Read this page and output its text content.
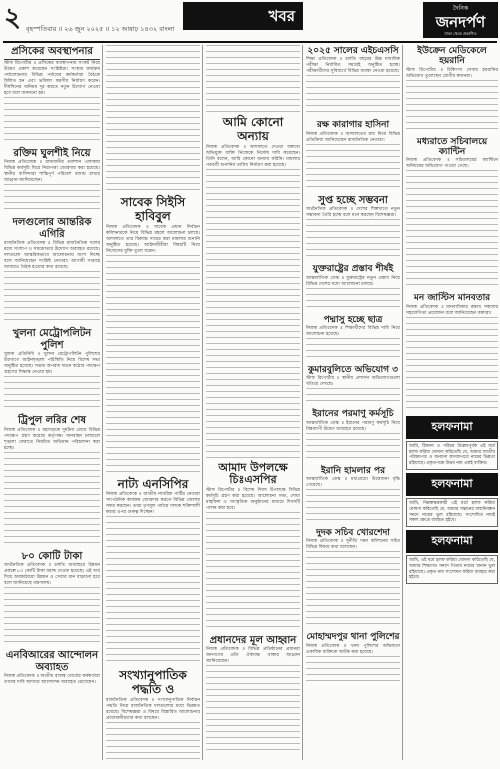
২ বৃহস্পতিবার ॥ ২৬ জুন ২০২৫ ॥ ১২ আষাঢ় ১৪৩২ বাংলা
খবর	দৈনিক
জনদর্পণ
ঢাকা থেকে প্রকাশিত
প্রসিকের অবস্থাপনার

স্টাফ রিপোর্টার ॥ প্রসিকের ব্যবস্থাপনায় সংকট নিয়ে উদ্বেগ প্রকাশ করেছেন সংশ্লিষ্টরা। সংস্থার কার্যক্রম পর্যালোচনায় বিভিন্ন পর্যায়ের কর্মকর্তারা বৈঠকে মিলিত হন এবং ভবিষ্যৎ করণীয় নির্ধারণ করেন। দীর্ঘদিনের অনিয়ম দূর করতে নতুন উদ্যোগ নেওয়া হবে বলে জানানো হয়।

রক্তিম ঘুলশীই নিয়ে

নিজস্ব প্রতিবেদক ॥ রাজধানীর গুলশান এলাকায় বিভিন্ন কর্মসূচি ঘিরে নিরাপত্তা জোরদার করা হয়েছে। স্থানীয় বাসিন্দারা শান্তিপূর্ণ পরিবেশ বজায় রাখার আহ্বান জানিয়েছেন।

দলগুলোর আন্তরিক এগিরি

রাজনৈতিক প্রতিবেদক ॥ বিভিন্ন রাজনৈতিক দলের মধ্যে সংলাপ ও সমঝোতার উদ্যোগ অব্যাহত রয়েছে। দলগুলো আন্তরিকভাবে আলোচনায় অংশ নিচ্ছে বলে জানিয়েছেন সংশ্লিষ্ট নেতারা। আগামী সপ্তাহে আবারও বৈঠক হওয়ার কথা রয়েছে।

খুলনা মেট্রোপলিটন পুলিশ

খুলনা প্রতিনিধি ॥ খুলনা মেট্রোপলিটন পুলিশের উদ্যোগে আইনশৃঙ্খলা পরিস্থিতি নিয়ে বিশেষ সভা অনুষ্ঠিত হয়েছে। সভায় অপরাধ দমনে কঠোর পদক্ষেপ গ্রহণের সিদ্ধান্ত নেওয়া হয়।

ট্রিপুল লরির শেষ

নিজস্ব প্রতিবেদক ॥ মহাসড়কে দুর্ঘটনা রোধে বিভিন্ন পদক্ষেপ গ্রহণ করেছে কর্তৃপক্ষ। যানবাহন চলাচলে শৃঙ্খলা ফেরাতে নিয়মিত অভিযান পরিচালনা করা হচ্ছে।

৮০ কোটি টাকা

অর্থনৈতিক প্রতিবেদক ॥ চলতি অর্থবছরে উন্নয়ন প্রকল্পে ৮০ কোটি টাকা বরাদ্দ দেওয়া হয়েছে। এই অর্থ দিয়ে অবকাঠামো উন্নয়ন ও সেবার মান বাড়ানো হবে বলে জানিয়েছে মন্ত্রণালয়।

এনবিআরের আন্দোলন অব্যাহত

নিজস্ব প্রতিবেদক ॥ জাতীয় রাজস্ব বোর্ডের কর্মকর্তারা তাদের দাবি আদায়ে আন্দোলন অব্যাহত রেখেছেন।

সাবেক সিইসি হাবিবুল

নিজস্ব প্রতিবেদক ॥ সাবেক প্রধান নির্বাচন কমিশনারকে নিয়ে বিভিন্ন মহলে আলোচনা চলছে। আদালতে তার বিরুদ্ধে দায়ের করা মামলার শুনানি অনুষ্ঠিত হয়েছে। আইনজীবীরা বিষয়টি নিয়ে নিজেদের যুক্তি তুলে ধরেন।

নাট্য এনসিপির

নিজস্ব প্রতিবেদক ॥ জাতীয় নাগরিক পার্টির নেতারা সাংগঠনিক কার্যক্রম জোরদার করতে বিভিন্ন জেলায় সফর করছেন। তারা তৃণমূল পর্যায়ে দলকে শক্তিশালী করার ওপর গুরুত্ব দিচ্ছেন।

সংখ্যানুপাতিক পদ্ধতি ও

রাজনৈতিক প্রতিবেদক ॥ সংখ্যানুপাতিক নির্বাচন পদ্ধতি নিয়ে রাজনৈতিক দলগুলোর মধ্যে ভিন্নমত রয়েছে। বিশেষজ্ঞরা এ বিষয়ে বিস্তারিত আলোচনার প্রয়োজনীয়তার কথা বলছেন।

আমি কোনো অন্যায়

নিজস্ব প্রতিবেদক ॥ আদালতে দেওয়া বক্তব্যে অভিযুক্ত ব্যক্তি নিজেকে নির্দোষ দাবি করেছেন। তিনি বলেন, আমি কোনো অন্যায় করিনি। মামলার পরবর্তী শুনানির তারিখ নির্ধারণ করা হয়েছে।

আমাদ উপলক্ষে চিঃএসপির

স্টাফ রিপোর্টার ॥ বিশেষ দিবস উপলক্ষে বিভিন্ন কর্মসূচি গ্রহণ করা হয়েছে। আলোচনা সভা, দোয়া মাহফিল ও সাংস্কৃতিক অনুষ্ঠানের মাধ্যমে দিবসটি পালন করা হবে।

প্রধানদের মূল আহ্বান

নিজস্ব প্রতিবেদক ॥ বিভিন্ন প্রতিষ্ঠানের প্রধানরা জনগণের প্রতি ঐক্যবদ্ধ থাকার আহ্বান জানিয়েছেন।

২০২৫ সালের এইচএসসি

শিক্ষা প্রতিবেদক ॥ চলতি বছরের উচ্চ মাধ্যমিক পরীক্ষা নির্ধারিত সময়েই অনুষ্ঠিত হচ্ছে। পরীক্ষার্থীদের সুবিধার্থে বিভিন্ন ব্যবস্থা নেওয়া হয়েছে।

রক্ষ কারাগার হাসিনা

নিজস্ব প্রতিবেদক ॥ আদালতের রায় নিয়ে বিভিন্ন প্রতিক্রিয়া জানিয়েছেন রাজনৈতিক নেতারা।

সুপ্ত হচ্ছে সম্ভবনা

অর্থনৈতিক প্রতিবেদক ॥ দেশের শিল্পখাতে নতুন সম্ভাবনা তৈরি হচ্ছে বলে মনে করছেন বিশেষজ্ঞরা।

যুক্তরাষ্ট্রের প্রস্তাব শীর্ষই

আন্তর্জাতিক ডেস্ক ॥ যুক্তরাষ্ট্রের নতুন প্রস্তাব নিয়ে বিভিন্ন দেশের মধ্যে আলোচনা চলছে।

পদ্মাসু হচ্ছে ছাত্র

নিজস্ব প্রতিবেদক ॥ শিক্ষার্থীদের বিভিন্ন দাবি নিয়ে আলোচনা হয়েছে।

কুমারবুলিতে অভিযোগ ৩

স্টাফ রিপোর্টার ॥ স্থানীয় প্রশাসন অভিযোগগুলো খতিয়ে দেখছে।

ইরানের পরমাণু কর্মসূচি

আন্তর্জাতিক ডেস্ক ॥ ইরানের পরমাণু কর্মসূচি নিয়ে বিশ্বব্যাপী উদ্বেগ অব্যাহত রয়েছে।

ইরানি হামলার পর

আন্তর্জাতিক ডেস্ক ॥ মধ্যপ্রাচ্যে উত্তেজনা বৃদ্ধি পেয়েছে।

দুদক সচিব খোরশেদা

নিজস্ব প্রতিবেদক ॥ দুর্নীতি দমন কমিশনের সচিব বিভিন্ন বিষয়ে কথা বলেছেন।

মোহাম্মদপুর থানা পুলিশের

নিজস্ব প্রতিবেদক ॥ থানা পুলিশের অভিযানে একাধিক ব্যক্তিকে আটক করা হয়েছে।

ইউক্রেন মেডিকেলে হয়রানি

স্টাফ রিপোর্টার ॥ চিকিৎসা সেবায় হয়রানির অভিযোগ তুলেছেন রোগীর স্বজনরা।

মধ্যরাতে সচিবালয়ে ক্যান্টিন

নিজস্ব প্রতিবেদক ॥ সচিবালয়ের ক্যান্টিনে অনিয়মের অভিযোগ পাওয়া গেছে।

মন জাস্টিস মানবতার

নিজস্ব প্রতিবেদক ॥ মানবাধিকার রক্ষায় সকলের সহযোগিতা প্রয়োজন বলে জানিয়েছেন বক্তারা।

হলফনামা
আমি, ঠিকানা ও পরিচয় উল্লেখপূর্বক এই মর্মে হলফ করিয়া ঘোষণা করিতেছি যে, আমার জাতীয় পরিচয়পত্র ও অন্যান্য কাগজপত্রে নামের ভিন্নতা রহিয়াছে। প্রকৃতপক্ষে উভয় নাম একই ব্যক্তির।
হলফনামা
আমি, নিম্নস্বাক্ষরকারী এই মর্মে হলফ করিয়া ঘোষণা করিতেছি যে, আমার সন্তানের জন্মনিবন্ধন সনদে নামের ভুল রহিয়াছে। সংশোধিত নামই সকল ক্ষেত্রে ব্যবহৃত হইবে।
হলফনামা
আমি, এই মর্মে হলফ করিয়া ঘোষণা করিতেছি যে, আমার শিক্ষাগত সনদে পিতার নামের বানান ভুল রহিয়াছে। প্রকৃত নাম সংশোধন করিয়া ব্যবহার করা হইবে।
